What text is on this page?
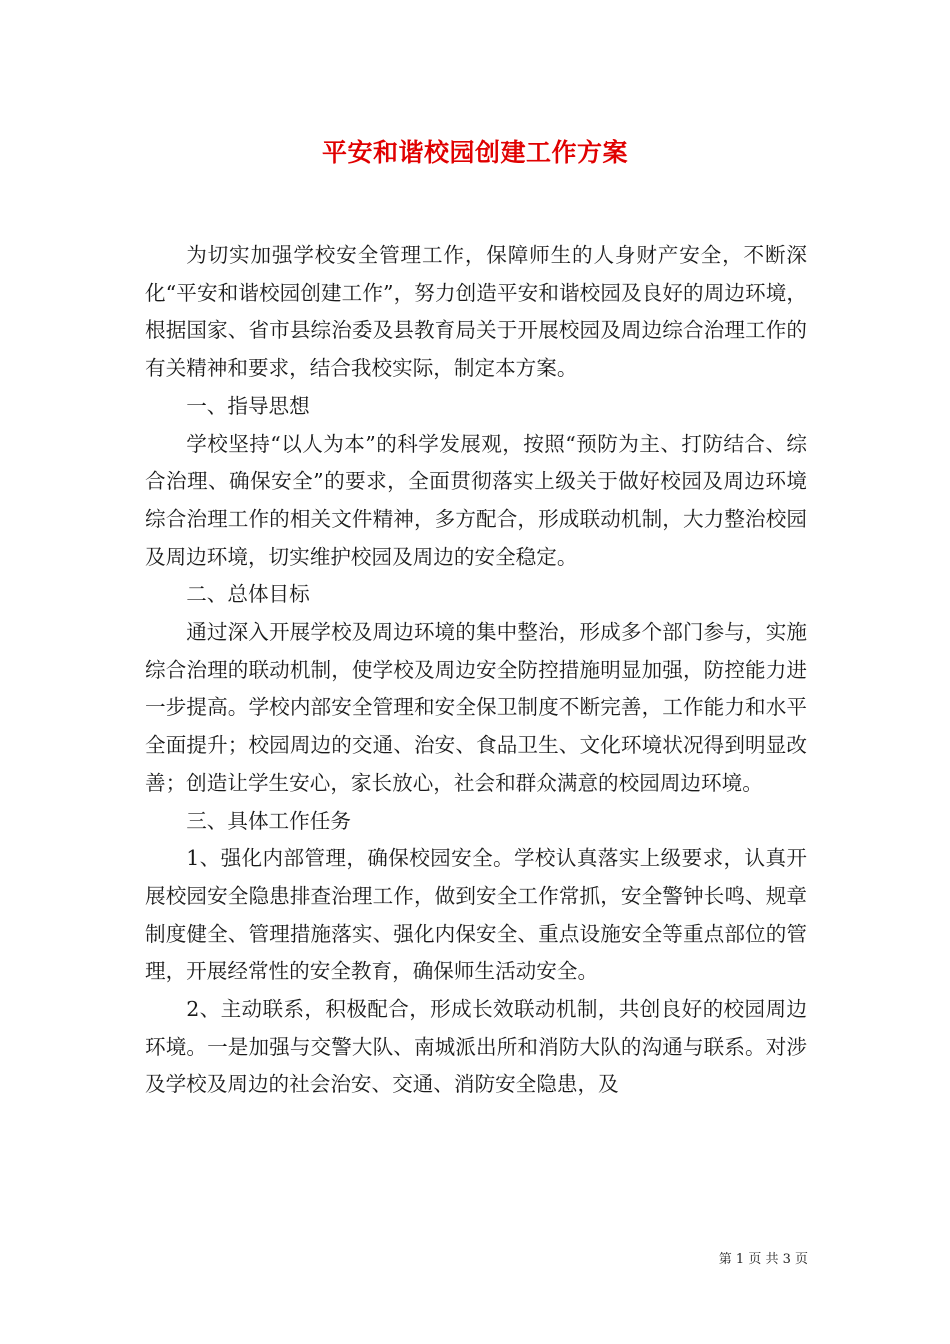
平安和谐校园创建工作方案

为切实加强学校安全管理工作，保障师生的人身财产安全，不断深化“平安和谐校园创建工作”，努力创造平安和谐校园及良好的周边环境，根据国家、省市县综治委及县教育局关于开展校园及周边综合治理工作的有关精神和要求，结合我校实际，制定本方案。

一、指导思想

学校坚持“以人为本”的科学发展观，按照“预防为主、打防结合、综合治理、确保安全”的要求，全面贯彻落实上级关于做好校园及周边环境综合治理工作的相关文件精神，多方配合，形成联动机制，大力整治校园及周边环境，切实维护校园及周边的安全稳定。

二、总体目标

通过深入开展学校及周边环境的集中整治，形成多个部门参与，实施综合治理的联动机制，使学校及周边安全防控措施明显加强，防控能力进一步提高。学校内部安全管理和安全保卫制度不断完善，工作能力和水平全面提升；校园周边的交通、治安、食品卫生、文化环境状况得到明显改善；创造让学生安心，家长放心，社会和群众满意的校园周边环境。

三、具体工作任务

1、强化内部管理，确保校园安全。学校认真落实上级要求，认真开展校园安全隐患排查治理工作，做到安全工作常抓，安全警钟长鸣、规章制度健全、管理措施落实、强化内保安全、重点设施安全等重点部位的管理，开展经常性的安全教育，确保师生活动安全。

2、主动联系，积极配合，形成长效联动机制，共创良好的校园周边环境。一是加强与交警大队、南城派出所和消防大队的沟通与联系。对涉及学校及周边的社会治安、交通、消防安全隐患，及

第 1 页 共 3 页
